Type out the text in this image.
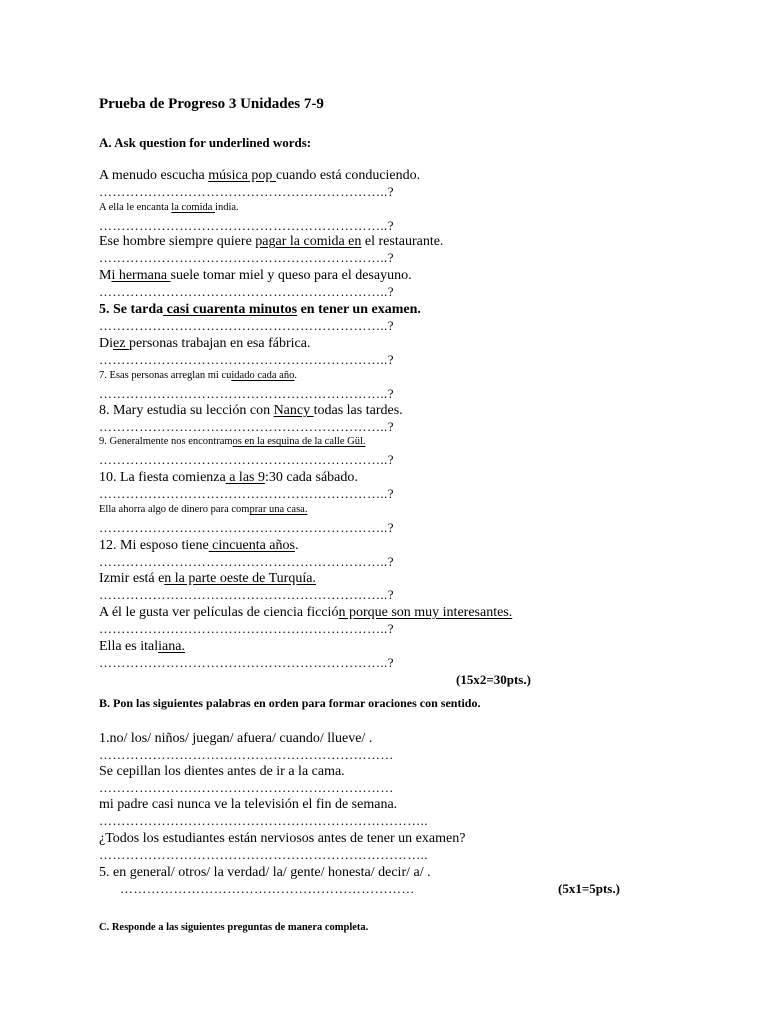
Prueba de Progreso 3 Unidades 7-9
A. Ask question for underlined words:
A menudo escucha música pop cuando está conduciendo.
………………………………………………………..?
A ella le encanta la comida india.
………………………………………………………..?
Ese hombre siempre quiere pagar la comida en el restaurante.
………………………………………………………..?
Mi hermana suele tomar miel y queso para el desayuno.
………………………………………………………..?
5. Se tarda casi cuarenta minutos en tener un examen.
………………………………………………………..?
Diez personas trabajan en esa fábrica.
………………………………………………………..?
7. Esas personas arreglan mi cuidado cada año.
………………………………………………………..?
8. Mary estudia su lección con Nancy todas las tardes.
………………………………………………………..?
9. Generalmente nos encontramos en la esquina de la calle Gül.
………………………………………………………..?
10. La fiesta comienza a las 9:30 cada sábado.
………………………………………………………..?
Ella ahorra algo de dinero para comprar una casa.
………………………………………………………..?
12. Mi esposo tiene cincuenta años.
………………………………………………………..?
Izmir está en la parte oeste de Turquía.
………………………………………………………..?
A él le gusta ver películas de ciencia ficción porque son muy interesantes.
………………………………………………………..?
Ella es italiana.
………………………………………………………..?
(15x2=30pts.)
B. Pon las siguientes palabras en orden para formar oraciones con sentido.
1.no/ los/ niños/ juegan/ afuera/ cuando/ llueve/ .
…………………………………………………………
Se cepillan los dientes antes de ir a la cama.
…………………………………………………………
mi padre casi nunca ve la televisión el fin de semana.
………………………………………………………………..
¿Todos los estudiantes están nerviosos antes de tener un examen?
………………………………………………………………..
5. en general/ otros/ la verdad/ la/ gente/ honesta/ decir/ a/ .
…………………………………………………………	(5x1=5pts.)
C. Responde a las siguientes preguntas de manera completa.
